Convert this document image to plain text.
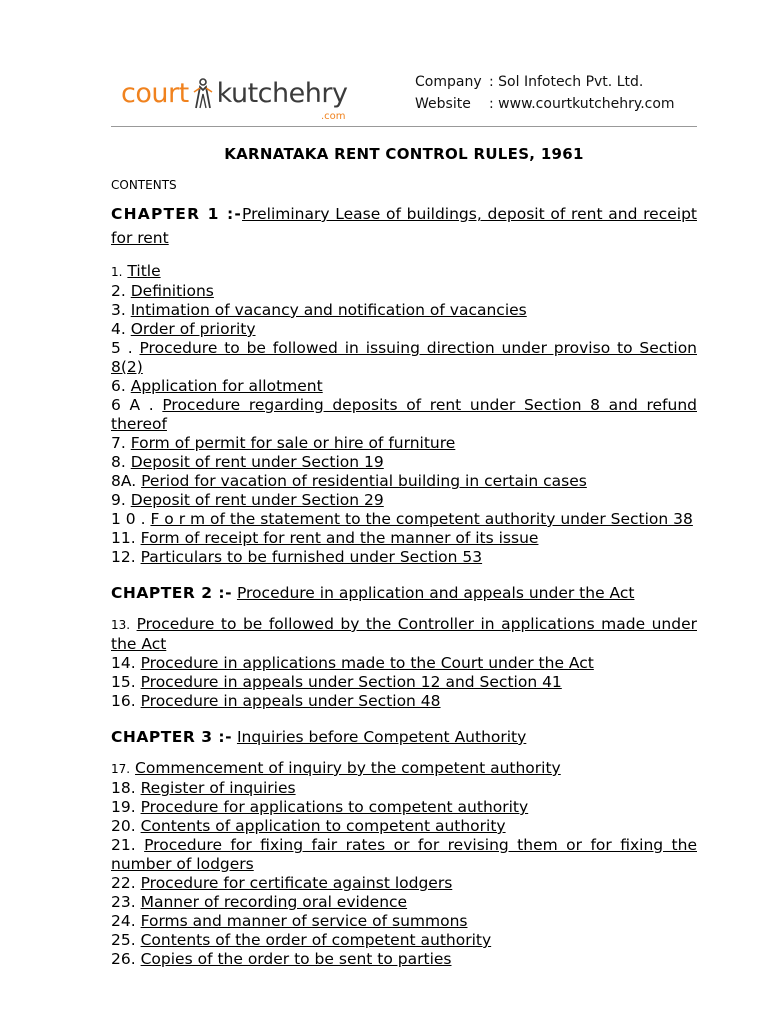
court kutchehry
.com
Company : Sol Infotech Pvt. Ltd.
Website : www.courtkutchehry.com
KARNATAKA RENT CONTROL RULES, 1961
CONTENTS

CHAPTER 1 :-Preliminary Lease of buildings, deposit of rent and receipt for rent

1. Title
2. Definitions
3. Intimation of vacancy and notification of vacancies
4. Order of priority
5 . Procedure to be followed in issuing direction under proviso to Section 8(2)
6. Application for allotment
6 A . Procedure regarding deposits of rent under Section 8 and refund thereof
7. Form of permit for sale or hire of furniture
8. Deposit of rent under Section 19
8A. Period for vacation of residential building in certain cases
9. Deposit of rent under Section 29
1 0 . F o r m of the statement to the competent authority under Section 38
11. Form of receipt for rent and the manner of its issue
12. Particulars to be furnished under Section 53

CHAPTER 2 :- Procedure in application and appeals under the Act

13. Procedure to be followed by the Controller in applications made under the Act
14. Procedure in applications made to the Court under the Act
15. Procedure in appeals under Section 12 and Section 41
16. Procedure in appeals under Section 48

CHAPTER 3 :- Inquiries before Competent Authority

17. Commencement of inquiry by the competent authority
18. Register of inquiries
19. Procedure for applications to competent authority
20. Contents of application to competent authority
21. Procedure for fixing fair rates or for revising them or for fixing the number of lodgers
22. Procedure for certificate against lodgers
23. Manner of recording oral evidence
24. Forms and manner of service of summons
25. Contents of the order of competent authority
26. Copies of the order to be sent to parties
